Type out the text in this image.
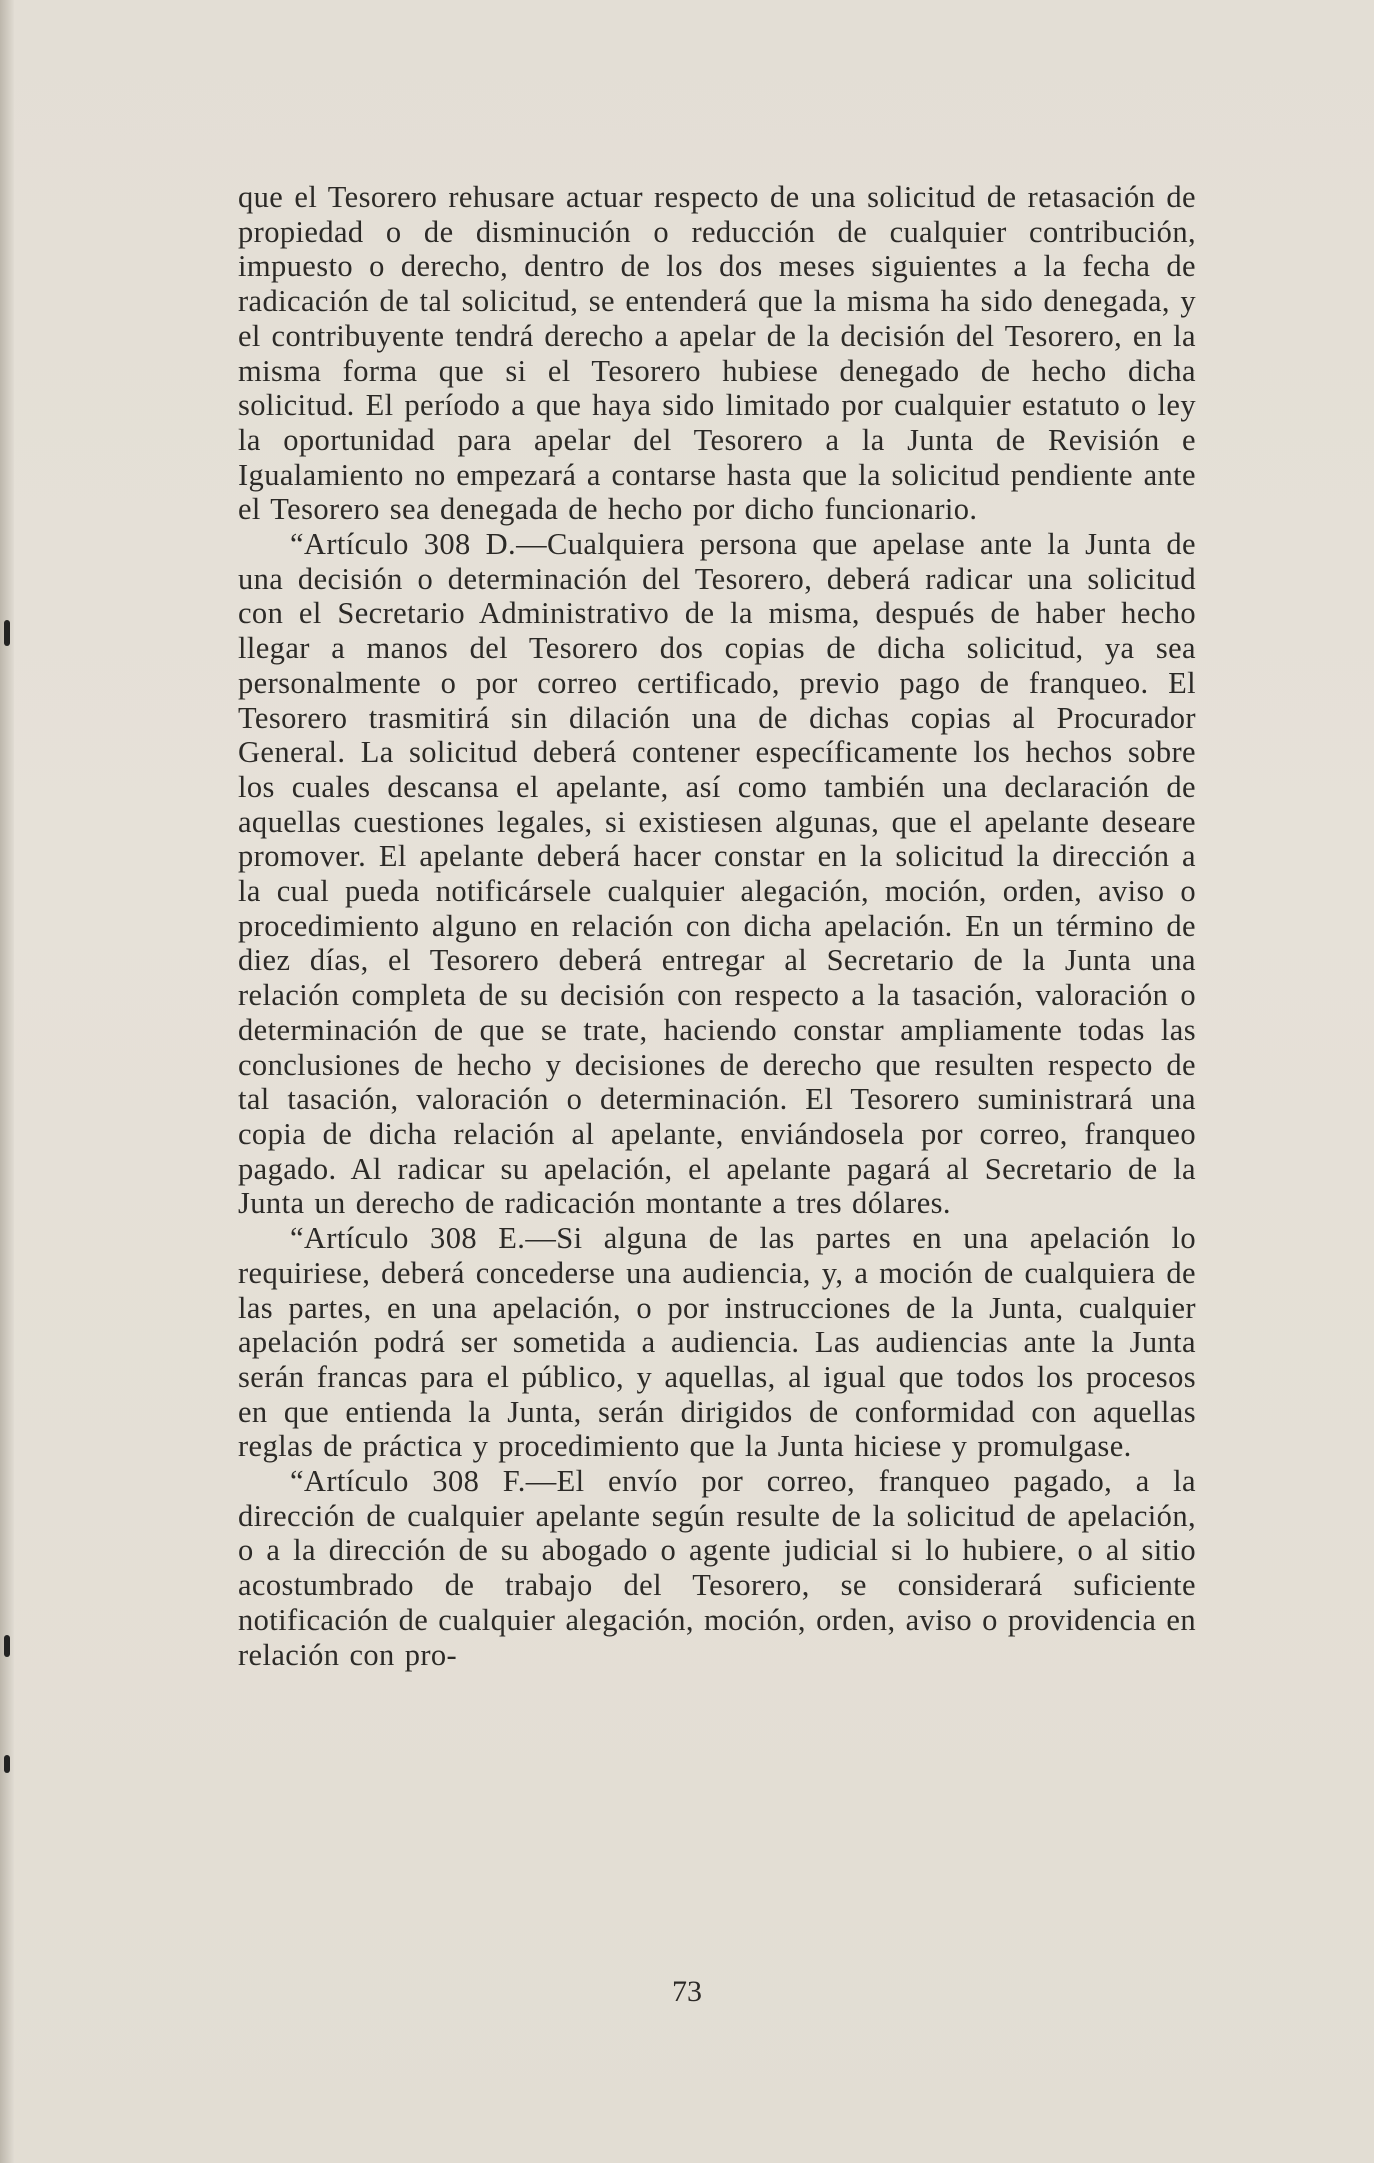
que el Tesorero rehusare actuar respecto de una solicitud de retasación de propiedad o de disminución o reducción de cualquier contribución, impuesto o derecho, dentro de los dos meses siguientes a la fecha de radicación de tal solicitud, se entenderá que la misma ha sido denegada, y el contribuyente tendrá derecho a apelar de la decisión del Tesorero, en la misma forma que si el Tesorero hubiese denegado de hecho dicha solicitud. El período a que haya sido limitado por cualquier estatuto o ley la oportunidad para apelar del Tesorero a la Junta de Revisión e Igualamiento no empezará a contarse hasta que la solicitud pendiente ante el Tesorero sea denegada de hecho por dicho funcionario.

“Artículo 308 D.—Cualquiera persona que apelase ante la Junta de una decisión o determinación del Tesorero, deberá radicar una solicitud con el Secretario Administrativo de la misma, después de haber hecho llegar a manos del Tesorero dos copias de dicha solicitud, ya sea personalmente o por correo certificado, previo pago de franqueo. El Tesorero trasmitirá sin dilación una de dichas copias al Procurador General. La solicitud deberá contener específicamente los hechos sobre los cuales descansa el apelante, así como también una declaración de aquellas cuestiones legales, si existiesen algunas, que el apelante deseare promover. El apelante deberá hacer constar en la solicitud la dirección a la cual pueda notificársele cualquier alegación, moción, orden, aviso o procedimiento alguno en relación con dicha apelación. En un término de diez días, el Tesorero deberá entregar al Secretario de la Junta una relación completa de su decisión con respecto a la tasación, valoración o determinación de que se trate, haciendo constar ampliamente todas las conclusiones de hecho y decisiones de derecho que resulten respecto de tal tasación, valoración o determinación. El Tesorero suministrará una copia de dicha relación al apelante, enviándosela por correo, franqueo pagado. Al radicar su apelación, el apelante pagará al Secretario de la Junta un derecho de radicación montante a tres dólares.

“Artículo 308 E.—Si alguna de las partes en una apelación lo requiriese, deberá concederse una audiencia, y, a moción de cualquiera de las partes, en una apelación, o por instrucciones de la Junta, cualquier apelación podrá ser sometida a audiencia. Las audiencias ante la Junta serán francas para el público, y aquellas, al igual que todos los procesos en que entienda la Junta, serán dirigidos de conformidad con aquellas reglas de práctica y procedimiento que la Junta hiciese y promulgase.

“Artículo 308 F.—El envío por correo, franqueo pagado, a la dirección de cualquier apelante según resulte de la solicitud de apelación, o a la dirección de su abogado o agente judicial si lo hubiere, o al sitio acostumbrado de trabajo del Tesorero, se considerará suficiente notificación de cualquier alegación, moción, orden, aviso o providencia en relación con pro-

73
